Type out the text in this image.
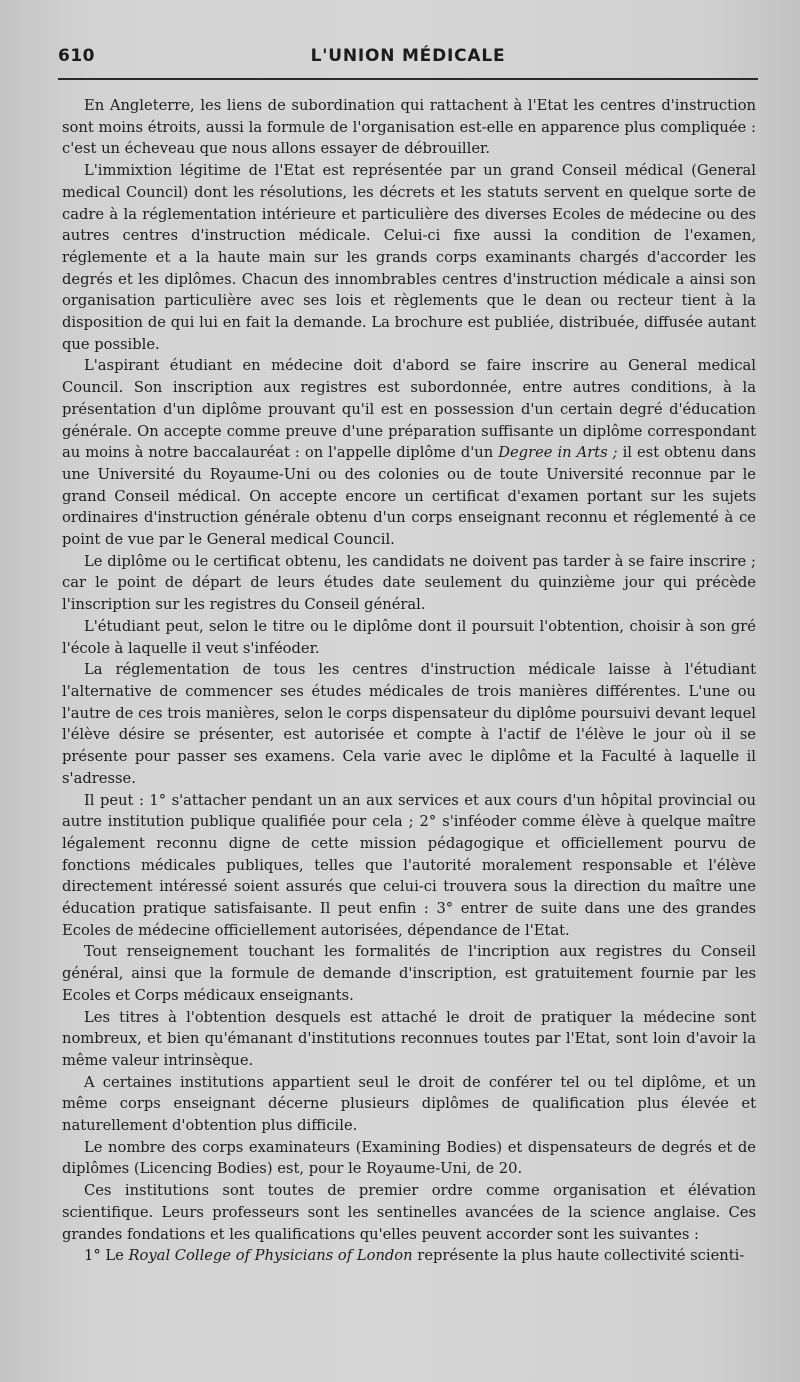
610	L'UNION MÉDICALE

En Angleterre, les liens de subordination qui rattachent à l'Etat les centres d'instruction sont moins étroits, aussi la formule de l'organisation est-elle en apparence plus compliquée : c'est un écheveau que nous allons essayer de débrouiller.

L'immixtion légitime de l'Etat est représentée par un grand Conseil médical (General medical Council) dont les résolutions, les décrets et les statuts servent en quelque sorte de cadre à la réglementation intérieure et particulière des diverses Ecoles de médecine ou des autres centres d'instruction médicale. Celui-ci fixe aussi la condition de l'examen, réglemente et a la haute main sur les grands corps examinants chargés d'accorder les degrés et les diplômes. Chacun des innombrables centres d'instruction médicale a ainsi son organisation particulière avec ses lois et règlements que le dean ou recteur tient à la disposition de qui lui en fait la demande. La brochure est publiée, distribuée, diffusée autant que possible.

L'aspirant étudiant en médecine doit d'abord se faire inscrire au General medical Council. Son inscription aux registres est subordonnée, entre autres conditions, à la présentation d'un diplôme prouvant qu'il est en possession d'un certain degré d'éducation générale. On accepte comme preuve d'une préparation suffisante un diplôme correspondant au moins à notre baccalauréat : on l'appelle diplôme d'un Degree in Arts ; il est obtenu dans une Université du Royaume-Uni ou des colonies ou de toute Université reconnue par le grand Conseil médical. On accepte encore un certificat d'examen portant sur les sujets ordinaires d'instruction générale obtenu d'un corps enseignant reconnu et réglementé à ce point de vue par le General medical Council.

Le diplôme ou le certificat obtenu, les candidats ne doivent pas tarder à se faire inscrire ; car le point de départ de leurs études date seulement du quinzième jour qui précède l'inscription sur les registres du Conseil général.

L'étudiant peut, selon le titre ou le diplôme dont il poursuit l'obtention, choisir à son gré l'école à laquelle il veut s'inféoder.

La réglementation de tous les centres d'instruction médicale laisse à l'étudiant l'alternative de commencer ses études médicales de trois manières différentes. L'une ou l'autre de ces trois manières, selon le corps dispensateur du diplôme poursuivi devant lequel l'élève désire se présenter, est autorisée et compte à l'actif de l'élève le jour où il se présente pour passer ses examens. Cela varie avec le diplôme et la Faculté à laquelle il s'adresse.

Il peut : 1° s'attacher pendant un an aux services et aux cours d'un hôpital provincial ou autre institution publique qualifiée pour cela ; 2° s'inféoder comme élève à quelque maître légalement reconnu digne de cette mission pédagogique et officiellement pourvu de fonctions médicales publiques, telles que l'autorité moralement responsable et l'élève directement intéressé soient assurés que celui-ci trouvera sous la direction du maître une éducation pratique satisfaisante. Il peut enfin : 3° entrer de suite dans une des grandes Ecoles de médecine officiellement autorisées, dépendance de l'Etat.

Tout renseignement touchant les formalités de l'incription aux registres du Conseil général, ainsi que la formule de demande d'inscription, est gratuitement fournie par les Ecoles et Corps médicaux enseignants.

Les titres à l'obtention desquels est attaché le droit de pratiquer la médecine sont nombreux, et bien qu'émanant d'institutions reconnues toutes par l'Etat, sont loin d'avoir la même valeur intrinsèque.

A certaines institutions appartient seul le droit de conférer tel ou tel diplôme, et un même corps enseignant décerne plusieurs diplômes de qualification plus élevée et naturellement d'obtention plus difficile.

Le nombre des corps examinateurs (Examining Bodies) et dispensateurs de degrés et de diplômes (Licencing Bodies) est, pour le Royaume-Uni, de 20.

Ces institutions sont toutes de premier ordre comme organisation et élévation scientifique. Leurs professeurs sont les sentinelles avancées de la science anglaise. Ces grandes fondations et les qualifications qu'elles peuvent accorder sont les suivantes :

1° Le Royal College of Physicians of London représente la plus haute collectivité scienti-
